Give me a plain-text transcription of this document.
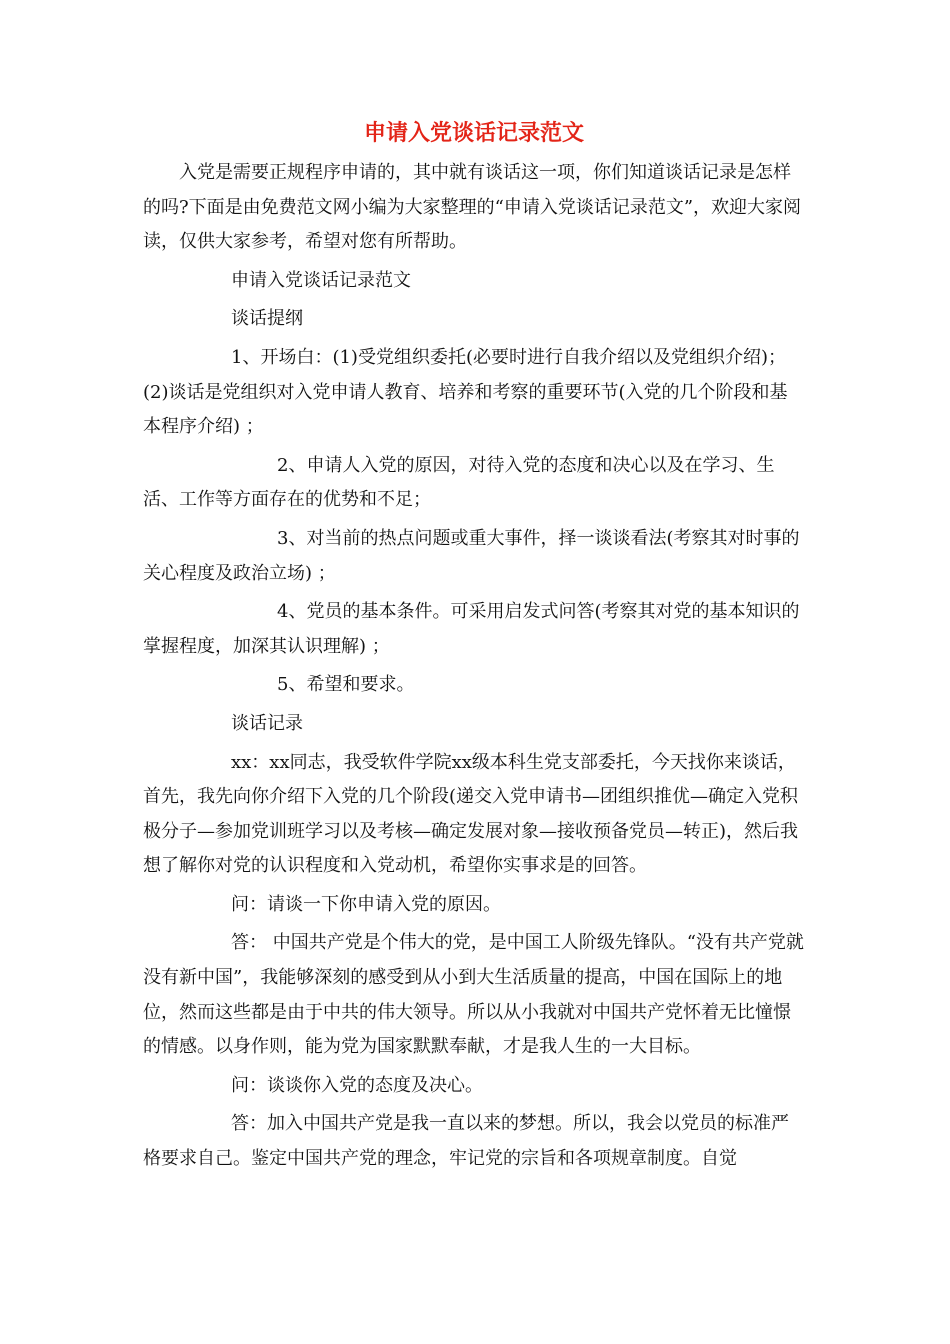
申请入党谈话记录范文
入党是需要正规程序申请的，其中就有谈话这一项，你们知道谈话记录是怎样的吗?下面是由免费范文网小编为大家整理的“申请入党谈话记录范文”，欢迎大家阅读，仅供大家参考，希望对您有所帮助。
申请入党谈话记录范文
谈话提纲
1、开场白：(1)受党组织委托(必要时进行自我介绍以及党组织介绍)；(2)谈话是党组织对入党申请人教育、培养和考察的重要环节(入党的几个阶段和基本程序介绍) ；
2、申请人入党的原因，对待入党的态度和决心以及在学习、生活、工作等方面存在的优势和不足；
3、对当前的热点问题或重大事件，择一谈谈看法(考察其对时事的关心程度及政治立场) ；
4、党员的基本条件。可采用启发式问答(考察其对党的基本知识的掌握程度，加深其认识理解) ；
5、希望和要求。
谈话记录
xx：xx同志，我受软件学院xx级本科生党支部委托，今天找你来谈话，首先，我先向你介绍下入党的几个阶段(递交入党申请书—团组织推优—确定入党积极分子—参加党训班学习以及考核—确定发展对象—接收预备党员—转正)，然后我想了解你对党的认识程度和入党动机，希望你实事求是的回答。
问：请谈一下你申请入党的原因。
答： 中国共产党是个伟大的党，是中国工人阶级先锋队。“没有共产党就没有新中国”，我能够深刻的感受到从小到大生活质量的提高，中国在国际上的地位，然而这些都是由于中共的伟大领导。所以从小我就对中国共产党怀着无比憧憬的情感。以身作则，能为党为国家默默奉献，才是我人生的一大目标。
问：谈谈你入党的态度及决心。
答：加入中国共产党是我一直以来的梦想。所以，我会以党员的标准严格要求自己。鉴定中国共产党的理念，牢记党的宗旨和各项规章制度。自觉
